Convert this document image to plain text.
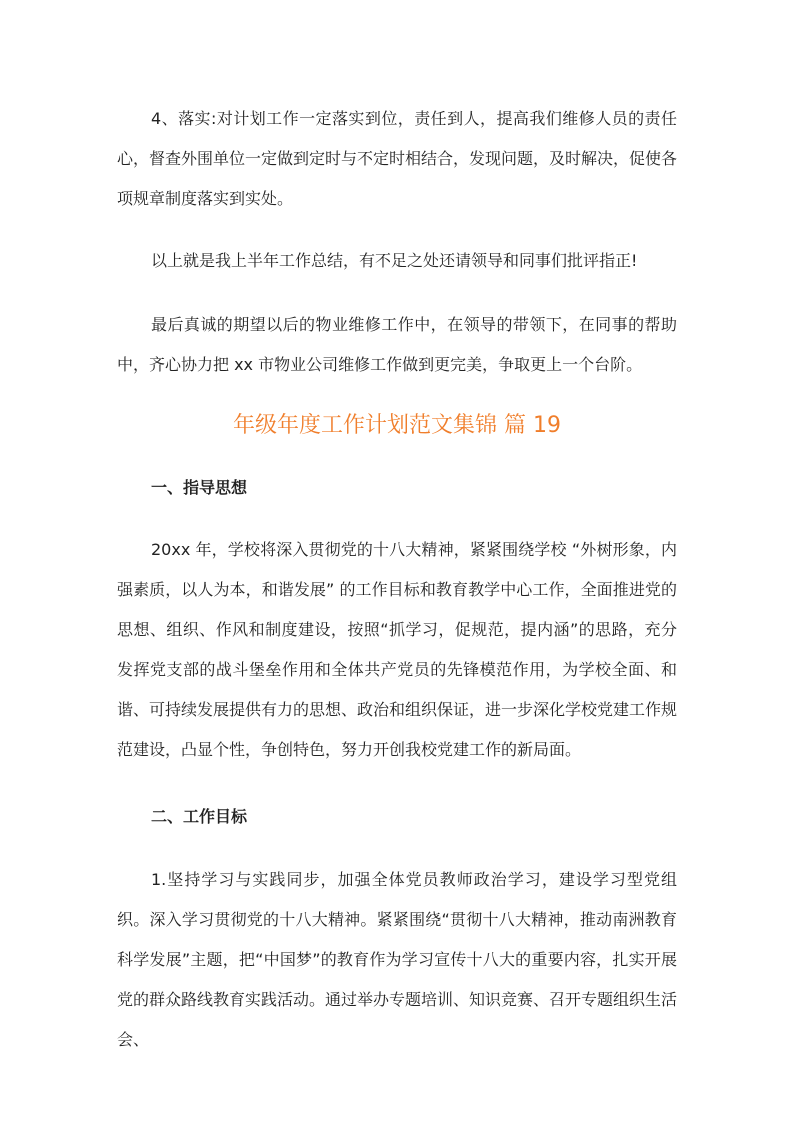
4、落实:对计划工作一定落实到位，责任到人，提高我们维修人员的责任心，督查外围单位一定做到定时与不定时相结合，发现问题，及时解决，促使各项规章制度落实到实处。

以上就是我上半年工作总结，有不足之处还请领导和同事们批评指正!

最后真诚的期望以后的物业维修工作中，在领导的带领下，在同事的帮助中，齐心协力把 xx 市物业公司维修工作做到更完美，争取更上一个台阶。

年级年度工作计划范文集锦 篇 19
一、指导思想

20xx 年，学校将深入贯彻党的十八大精神，紧紧围绕学校 “外树形象，内强素质，以人为本，和谐发展” 的工作目标和教育教学中心工作，全面推进党的思想、组织、作风和制度建设，按照“抓学习，促规范，提内涵”的思路，充分发挥党支部的战斗堡垒作用和全体共产党员的先锋模范作用，为学校全面、和谐、可持续发展提供有力的思想、政治和组织保证，进一步深化学校党建工作规范建设，凸显个性，争创特色，努力开创我校党建工作的新局面。

二、工作目标

1.坚持学习与实践同步，加强全体党员教师政治学习，建设学习型党组织。深入学习贯彻党的十八大精神。紧紧围绕“贯彻十八大精神，推动南洲教育科学发展”主题，把“中国梦”的教育作为学习宣传十八大的重要内容，扎实开展党的群众路线教育实践活动。通过举办专题培训、知识竞赛、召开专题组织生活会、
